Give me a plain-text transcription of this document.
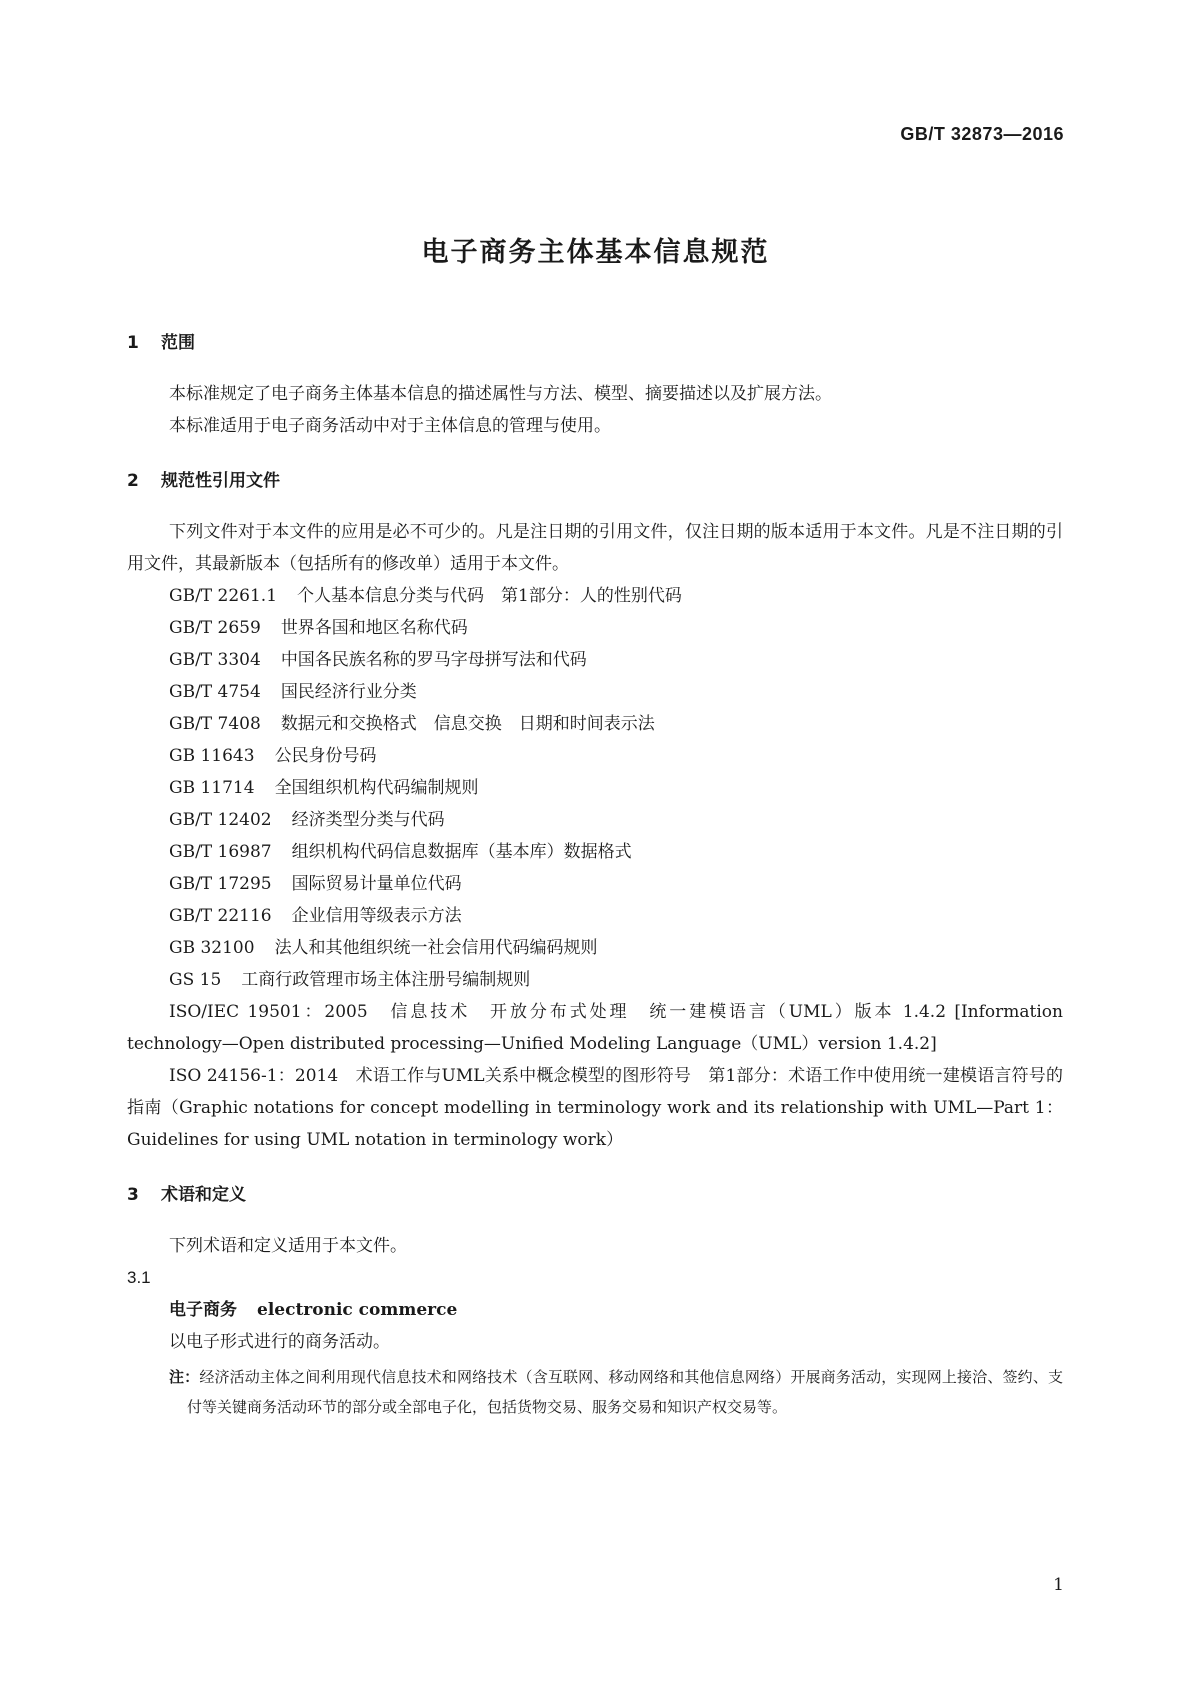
GB/T 32873—2016
电子商务主体基本信息规范
1 范围

本标准规定了电子商务主体基本信息的描述属性与方法、模型、摘要描述以及扩展方法。

本标准适用于电子商务活动中对于主体信息的管理与使用。

2 规范性引用文件

下列文件对于本文件的应用是必不可少的。凡是注日期的引用文件，仅注日期的版本适用于本文件。凡是不注日期的引用文件，其最新版本（包括所有的修改单）适用于本文件。

GB/T 2261.1 个人基本信息分类与代码　第1部分：人的性别代码

GB/T 2659 世界各国和地区名称代码

GB/T 3304 中国各民族名称的罗马字母拼写法和代码

GB/T 4754 国民经济行业分类

GB/T 7408 数据元和交换格式　信息交换　日期和时间表示法

GB 11643 公民身份号码

GB 11714 全国组织机构代码编制规则

GB/T 12402 经济类型分类与代码

GB/T 16987 组织机构代码信息数据库（基本库）数据格式

GB/T 17295 国际贸易计量单位代码

GB/T 22116 企业信用等级表示方法

GB 32100 法人和其他组织统一社会信用代码编码规则

GS 15 工商行政管理市场主体注册号编制规则

ISO/IEC 19501：2005　信息技术　开放分布式处理　统一建模语言（UML）版本 1.4.2 [Information technology—Open distributed processing—Unified Modeling Language（UML）version 1.4.2]

ISO 24156-1：2014　术语工作与UML关系中概念模型的图形符号　第1部分：术语工作中使用统一建模语言符号的指南（Graphic notations for concept modelling in terminology work and its relationship with UML—Part 1：Guidelines for using UML notation in terminology work）

3 术语和定义

下列术语和定义适用于本文件。

3.1

电子商务 electronic commerce

以电子形式进行的商务活动。

注：经济活动主体之间利用现代信息技术和网络技术（含互联网、移动网络和其他信息网络）开展商务活动，实现网上接洽、签约、支付等关键商务活动环节的部分或全部电子化，包括货物交易、服务交易和知识产权交易等。

1
